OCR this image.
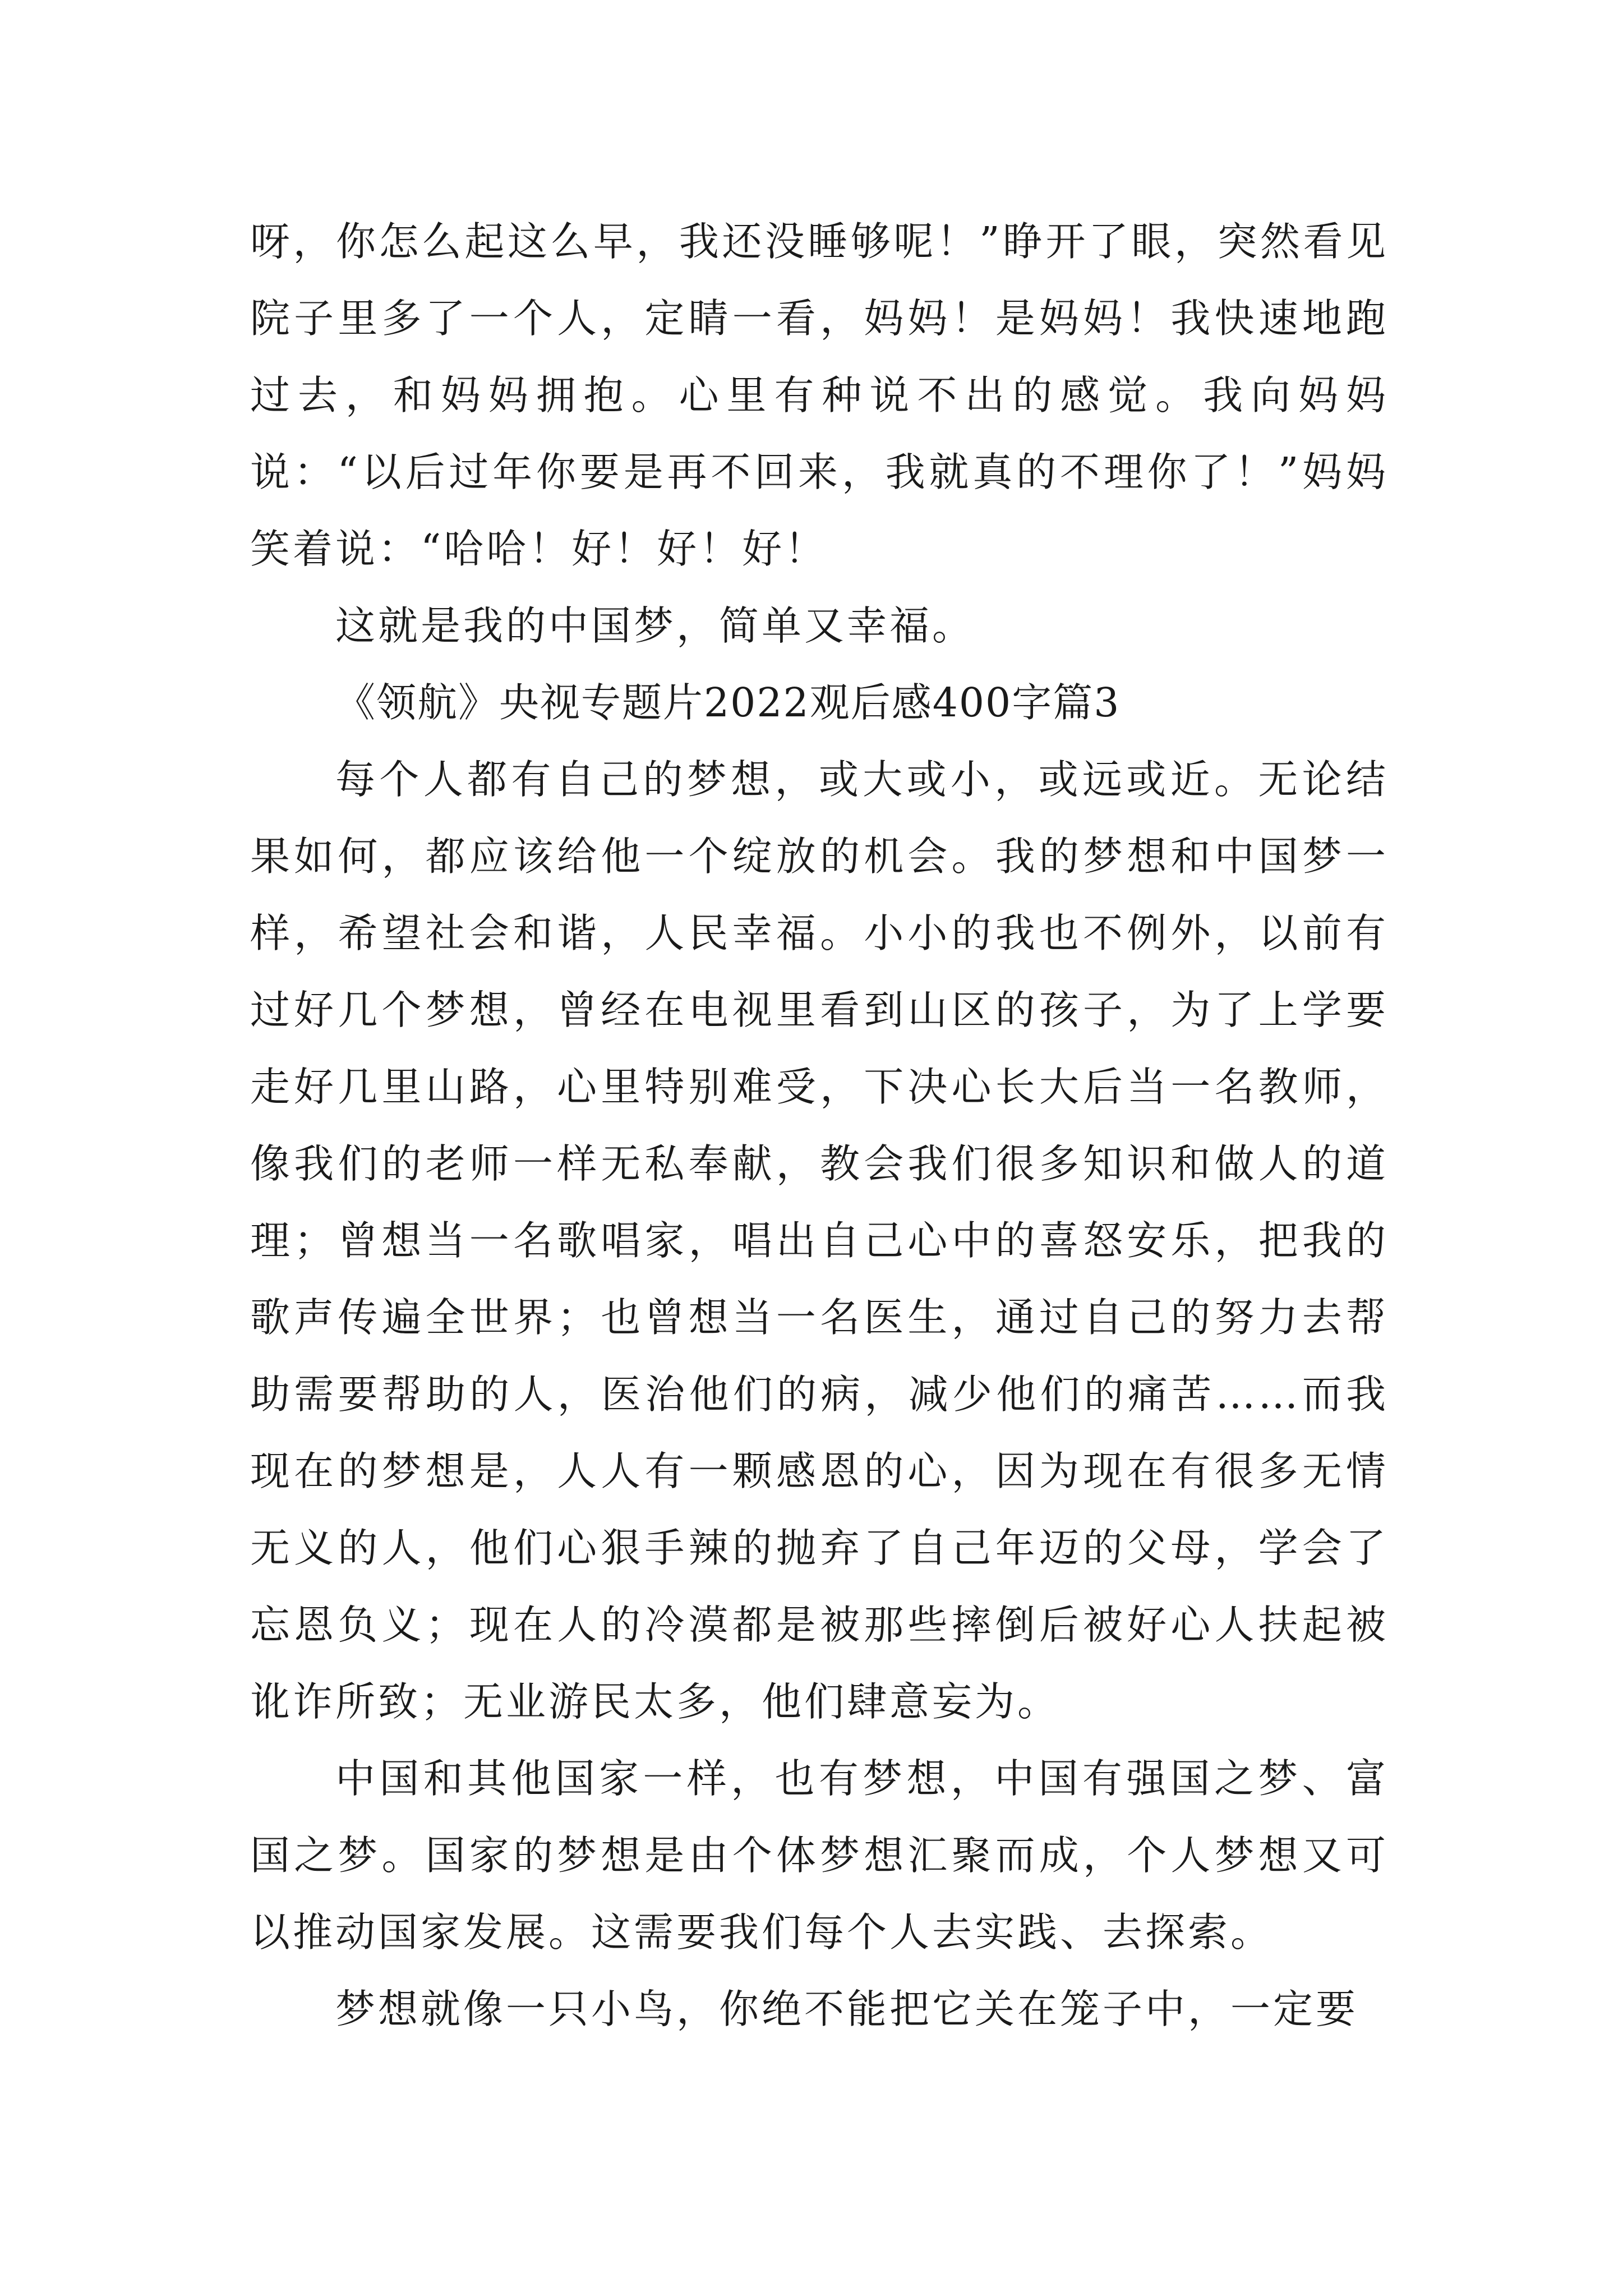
呀，你怎么起这么早，我还没睡够呢！”睁开了眼，突然看见院子里多了一个人，定睛一看，妈妈！是妈妈！我快速地跑过去，和妈妈拥抱。心里有种说不出的感觉。我向妈妈说：“以后过年你要是再不回来，我就真的不理你了！”妈妈笑着说：“哈哈！好！好！好！

这就是我的中国梦，简单又幸福。

《领航》央视专题片2022观后感400字篇3

每个人都有自己的梦想，或大或小，或远或近。无论结果如何，都应该给他一个绽放的机会。我的梦想和中国梦一样，希望社会和谐，人民幸福。小小的我也不例外，以前有过好几个梦想，曾经在电视里看到山区的孩子，为了上学要走好几里山路，心里特别难受，下决心长大后当一名教师，像我们的老师一样无私奉献，教会我们很多知识和做人的道理；曾想当一名歌唱家，唱出自己心中的喜怒安乐，把我的歌声传遍全世界；也曾想当一名医生，通过自己的努力去帮助需要帮助的人，医治他们的病，减少他们的痛苦……而我现在的梦想是，人人有一颗感恩的心，因为现在有很多无情无义的人，他们心狠手辣的抛弃了自己年迈的父母，学会了忘恩负义；现在人的冷漠都是被那些摔倒后被好心人扶起被讹诈所致；无业游民太多，他们肆意妄为。

中国和其他国家一样，也有梦想，中国有强国之梦、富国之梦。国家的梦想是由个体梦想汇聚而成，个人梦想又可以推动国家发展。这需要我们每个人去实践、去探索。

梦想就像一只小鸟，你绝不能把它关在笼子中，一定要
